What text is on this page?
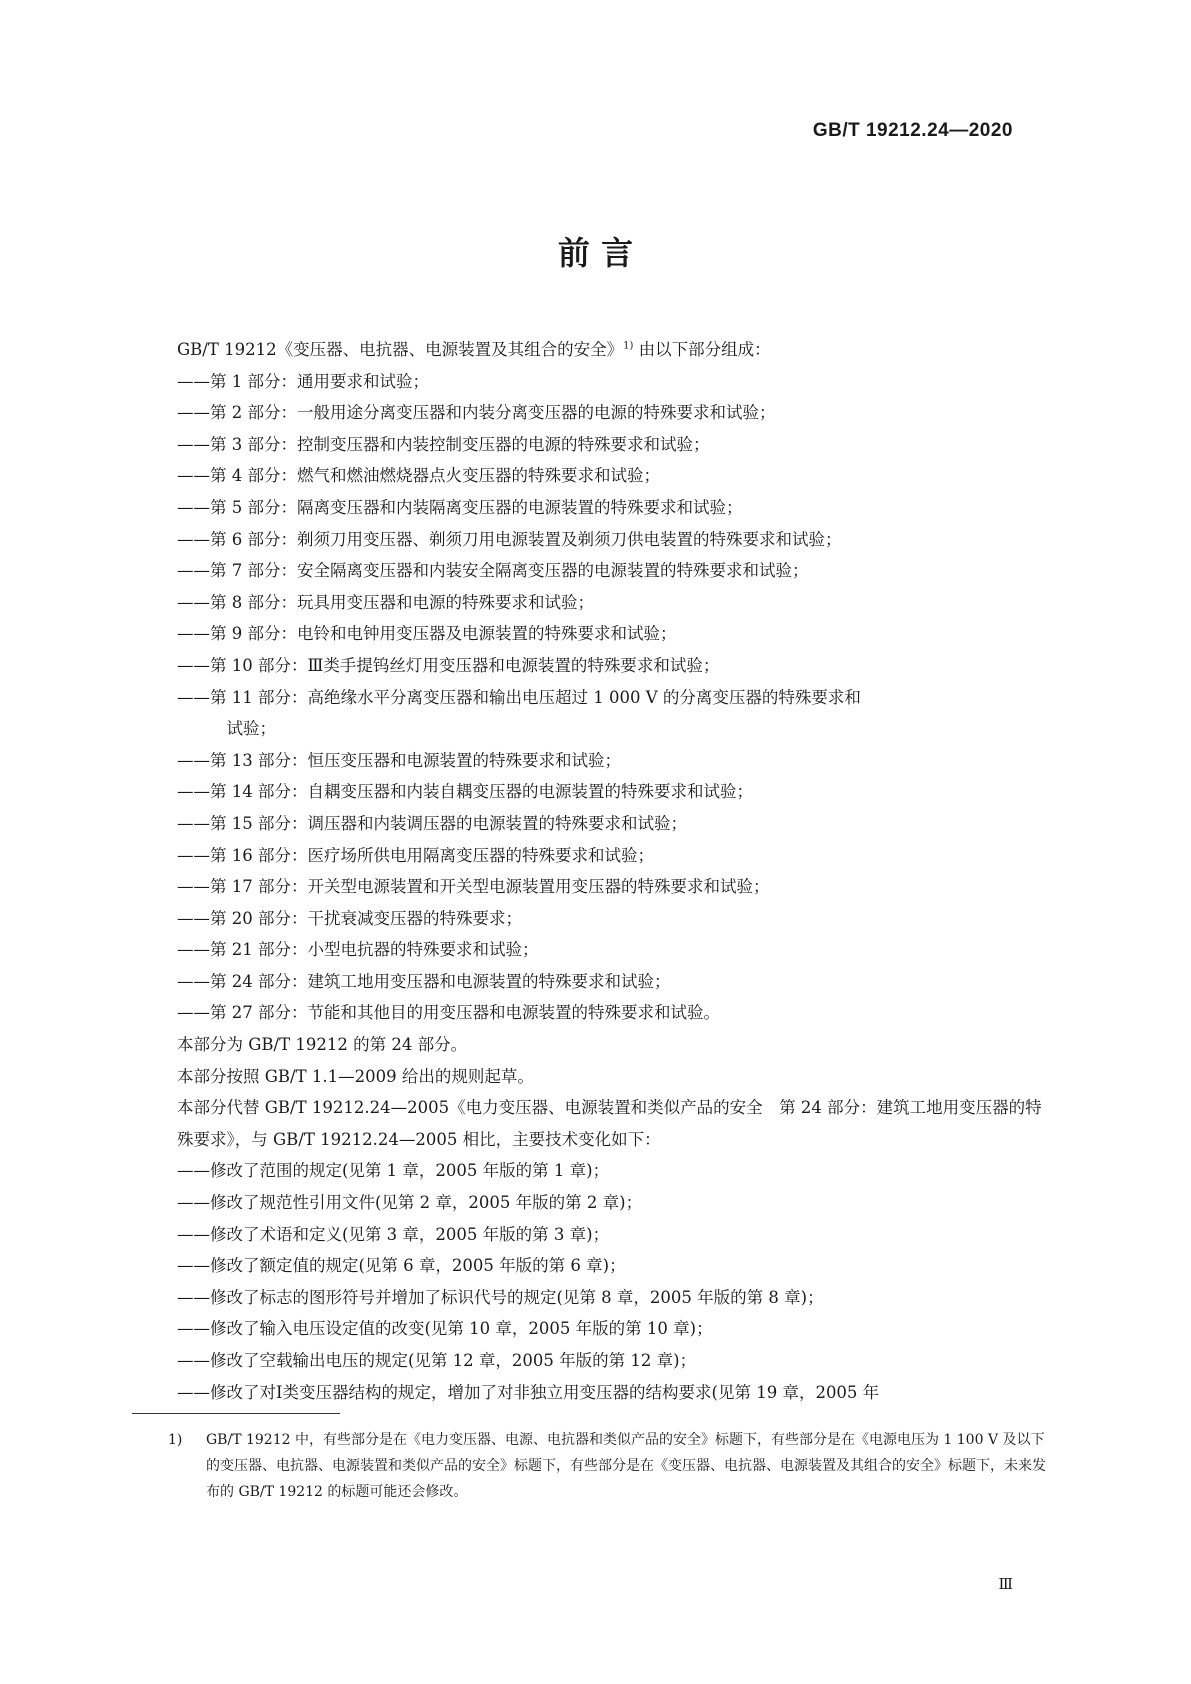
GB/T 19212.24—2020
前 言

GB/T 19212《变压器、电抗器、电源装置及其组合的安全》$^{1)}$ 由以下部分组成：

——第 1 部分：通用要求和试验；
——第 2 部分：一般用途分离变压器和内装分离变压器的电源的特殊要求和试验；
——第 3 部分：控制变压器和内装控制变压器的电源的特殊要求和试验；
——第 4 部分：燃气和燃油燃烧器点火变压器的特殊要求和试验；
——第 5 部分：隔离变压器和内装隔离变压器的电源装置的特殊要求和试验；
——第 6 部分：剃须刀用变压器、剃须刀用电源装置及剃须刀供电装置的特殊要求和试验；
——第 7 部分：安全隔离变压器和内装安全隔离变压器的电源装置的特殊要求和试验；
——第 8 部分：玩具用变压器和电源的特殊要求和试验；
——第 9 部分：电铃和电钟用变压器及电源装置的特殊要求和试验；
——第 10 部分：Ⅲ类手提钨丝灯用变压器和电源装置的特殊要求和试验；
——第 11 部分：高绝缘水平分离变压器和输出电压超过 1 000 V 的分离变压器的特殊要求和
试验；
——第 13 部分：恒压变压器和电源装置的特殊要求和试验；
——第 14 部分：自耦变压器和内装自耦变压器的电源装置的特殊要求和试验；
——第 15 部分：调压器和内装调压器的电源装置的特殊要求和试验；
——第 16 部分：医疗场所供电用隔离变压器的特殊要求和试验；
——第 17 部分：开关型电源装置和开关型电源装置用变压器的特殊要求和试验；
——第 20 部分：干扰衰减变压器的特殊要求；
——第 21 部分：小型电抗器的特殊要求和试验；
——第 24 部分：建筑工地用变压器和电源装置的特殊要求和试验；
——第 27 部分：节能和其他目的用变压器和电源装置的特殊要求和试验。

本部分为 GB/T 19212 的第 24 部分。

本部分按照 GB/T 1.1—2009 给出的规则起草。

本部分代替 GB/T 19212.24—2005《电力变压器、电源装置和类似产品的安全　第 24 部分：建筑工地用变压器的特殊要求》，与 GB/T 19212.24—2005 相比，主要技术变化如下：

——修改了范围的规定(见第 1 章，2005 年版的第 1 章)；
——修改了规范性引用文件(见第 2 章，2005 年版的第 2 章)；
——修改了术语和定义(见第 3 章，2005 年版的第 3 章)；
——修改了额定值的规定(见第 6 章，2005 年版的第 6 章)；
——修改了标志的图形符号并增加了标识代号的规定(见第 8 章，2005 年版的第 8 章)；
——修改了输入电压设定值的改变(见第 10 章，2005 年版的第 10 章)；
——修改了空载输出电压的规定(见第 12 章，2005 年版的第 12 章)；
——修改了对Ⅰ类变压器结构的规定，增加了对非独立用变压器的结构要求(见第 19 章，2005 年
1) GB/T 19212 中，有些部分是在《电力变压器、电源、电抗器和类似产品的安全》标题下，有些部分是在《电源电压为 1 100 V 及以下的变压器、电抗器、电源装置和类似产品的安全》标题下，有些部分是在《变压器、电抗器、电源装置及其组合的安全》标题下，未来发布的 GB/T 19212 的标题可能还会修改。
Ⅲ
